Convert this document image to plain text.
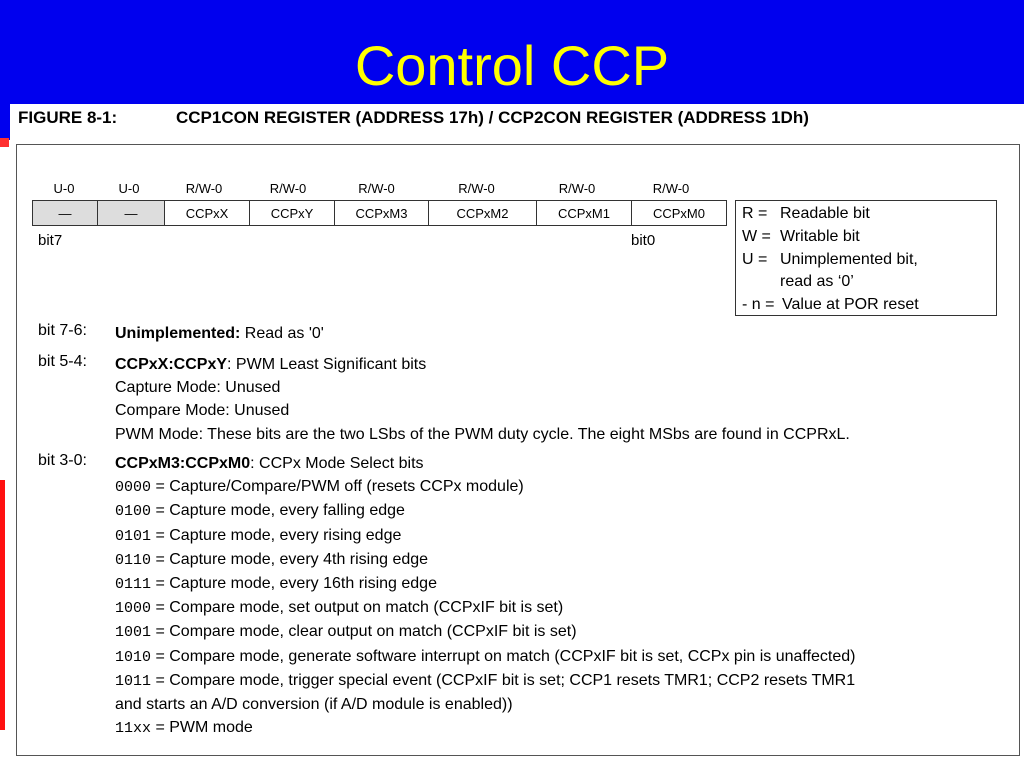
Control CCP
FIGURE 8-1:	CCP1CON REGISTER (ADDRESS 17h) / CCP2CON REGISTER (ADDRESS 1Dh)
U-0	U-0	R/W-0	R/W-0	R/W-0	R/W-0	R/W-0	R/W-0
—	—	CCPxX	CCPxY	CCPxM3	CCPxM2	CCPxM1	CCPxM0
bit7	bit0
R = Readable bit
W = Writable bit
U = Unimplemented bit,
read as ‘0’
- n = Value at POR reset
bit 7-6: Unimplemented: Read as '0'
bit 5-4: CCPxX:CCPxY: PWM Least Significant bits
Capture Mode: Unused
Compare Mode: Unused
PWM Mode: These bits are the two LSbs of the PWM duty cycle. The eight MSbs are found in CCPRxL.
bit 3-0: CCPxM3:CCPxM0: CCPx Mode Select bits
0000 = Capture/Compare/PWM off (resets CCPx module)
0100 = Capture mode, every falling edge
0101 = Capture mode, every rising edge
0110 = Capture mode, every 4th rising edge
0111 = Capture mode, every 16th rising edge
1000 = Compare mode, set output on match (CCPxIF bit is set)
1001 = Compare mode, clear output on match (CCPxIF bit is set)
1010 = Compare mode, generate software interrupt on match (CCPxIF bit is set, CCPx pin is unaffected)
1011 = Compare mode, trigger special event (CCPxIF bit is set; CCP1 resets TMR1; CCP2 resets TMR1
and starts an A/D conversion (if A/D module is enabled))
11xx = PWM mode
